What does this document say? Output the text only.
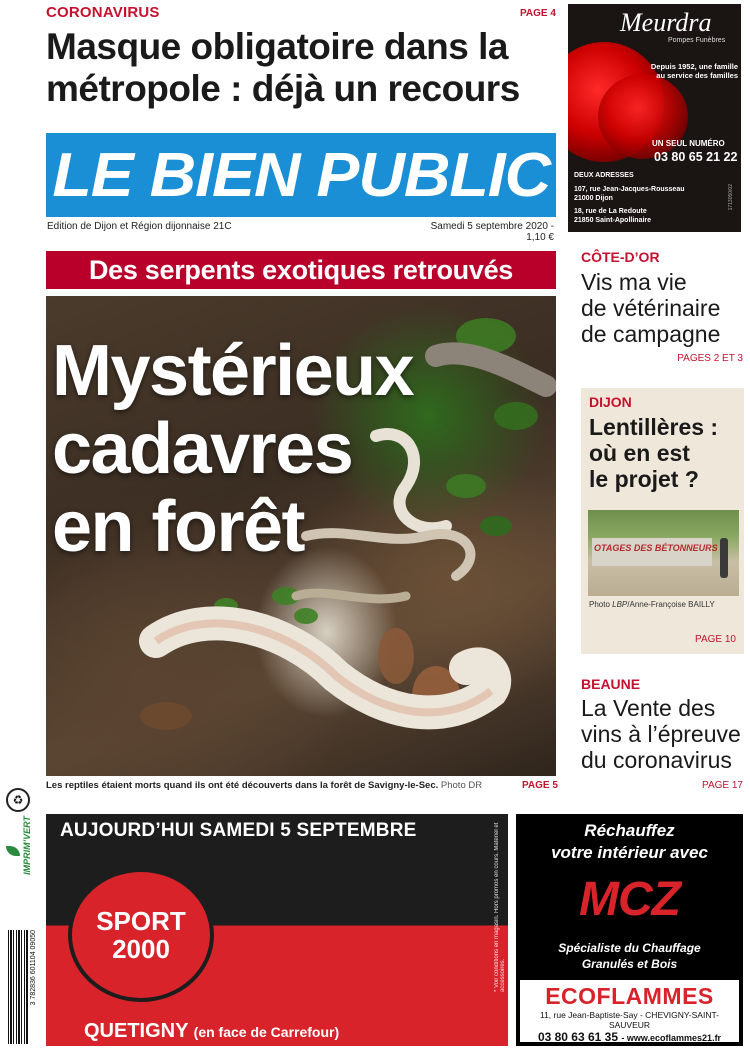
CORONAVIRUS	PAGE 4
Masque obligatoire dans la
métropole : déjà un recours
LE BIEN PUBLIC
Edition de Dijon et Région dijonnaise 21C	Samedi 5 septembre 2020 - 1,10 €
Meurdra
Pompes Funèbres
Depuis 1952, une famille
au service des familles
UN SEUL NUMÉRO
03 80 65 21 22
DEUX ADRESSES
107, rue Jean-Jacques-Rousseau
21000 Dijon
18, rue de La Redoute
21850 Saint-Apollinaire
1713050/02
Des serpents exotiques retrouvés
Mystérieux
cadavres
en forêt
Les reptiles étaient morts quand ils ont été découverts dans la forêt de Savigny-le-Sec. Photo DR	PAGE 5
CÔTE-D’OR
Vis ma vie
de vétérinaire
de campagne
PAGES 2 ET 3
DIJON
Lentillères :
où en est
le projet ?
OTAGES DES BÉTONNEURS
Photo LBP/Anne-Françoise BAILLY
PAGE 10
BEAUNE
La Vente des
vins à l’épreuve
du coronavirus
PAGE 17
♻
IMPRIM’VERT
3 782836 601104 09050
AUJOURD’HUI SAMEDI 5 SEPTEMBRE
SPORT
2000
QUETIGNY (en face de Carrefour)
* Voir conditions en magasin. Hors promos en cours. Matériel et accessoires.
Réchauffez
votre intérieur avec
MCZ
Spécialiste du Chauffage
Granulés et Bois
ECOFLAMMES
11, rue Jean-Baptiste-Say - CHEVIGNY-SAINT-SAUVEUR
03 80 63 61 35 - www.ecoflammes21.fr
